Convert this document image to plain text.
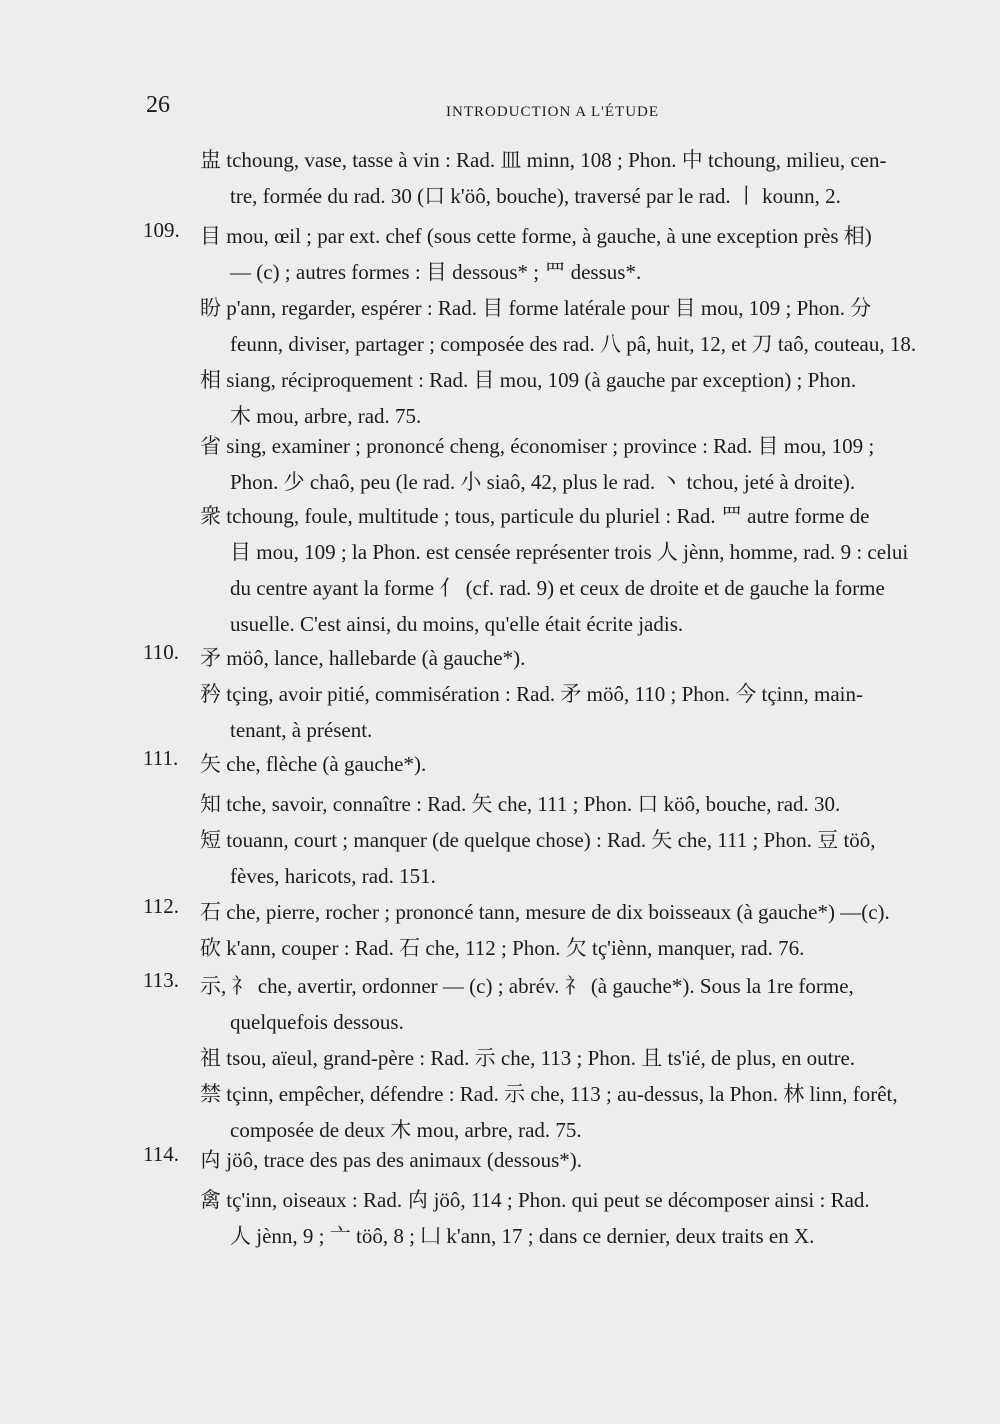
26	INTRODUCTION A L'ÉTUDE
盅 tchoung, vase, tasse à vin : Rad. 皿 minn, 108 ; Phon. 中 tchoung, milieu, cen-
tre, formée du rad. 30 (口 k'öô, bouche), traversé par le rad. 丨 kounn, 2.
109. 目 mou, œil ; par ext. chef (sous cette forme, à gauche, à une exception près 相)
— (c) ; autres formes : 目 dessous* ; 罒 dessus*.
盼 p'ann, regarder, espérer : Rad. 目 forme latérale pour 目 mou, 109 ; Phon. 分
feunn, diviser, partager ; composée des rad. 八 pâ, huit, 12, et 刀 taô, couteau, 18.
相 siang, réciproquement : Rad. 目 mou, 109 (à gauche par exception) ; Phon.
木 mou, arbre, rad. 75.
省 sing, examiner ; prononcé cheng, économiser ; province : Rad. 目 mou, 109 ;
Phon. 少 chaô, peu (le rad. 小 siaô, 42, plus le rad. 丶 tchou, jeté à droite).
衆 tchoung, foule, multitude ; tous, particule du pluriel : Rad. 罒 autre forme de
目 mou, 109 ; la Phon. est censée représenter trois 人 jènn, homme, rad. 9 : celui
du centre ayant la forme 亻 (cf. rad. 9) et ceux de droite et de gauche la forme
usuelle. C'est ainsi, du moins, qu'elle était écrite jadis.
110. 矛 möô, lance, hallebarde (à gauche*).
矜 tçing, avoir pitié, commisération : Rad. 矛 möô, 110 ; Phon. 今 tçinn, main-
tenant, à présent.
111. 矢 che, flèche (à gauche*).
知 tche, savoir, connaître : Rad. 矢 che, 111 ; Phon. 口 köô, bouche, rad. 30.
短 touann, court ; manquer (de quelque chose) : Rad. 矢 che, 111 ; Phon. 豆 töô,
fèves, haricots, rad. 151.
112. 石 che, pierre, rocher ; prononcé tann, mesure de dix boisseaux (à gauche*) —(c).
砍 k'ann, couper : Rad. 石 che, 112 ; Phon. 欠 tç'iènn, manquer, rad. 76.
113. 示, 礻 che, avertir, ordonner — (c) ; abrév. 礻 (à gauche*). Sous la 1re forme,
quelquefois dessous.
祖 tsou, aïeul, grand-père : Rad. 示 che, 113 ; Phon. 且 ts'ié, de plus, en outre.
禁 tçinn, empêcher, défendre : Rad. 示 che, 113 ; au-dessus, la Phon. 林 linn, forêt,
composée de deux 木 mou, arbre, rad. 75.
114. 禸 jöô, trace des pas des animaux (dessous*).
禽 tç'inn, oiseaux : Rad. 禸 jöô, 114 ; Phon. qui peut se décomposer ainsi : Rad.
人 jènn, 9 ; 亠 töô, 8 ; 凵 k'ann, 17 ; dans ce dernier, deux traits en X.
